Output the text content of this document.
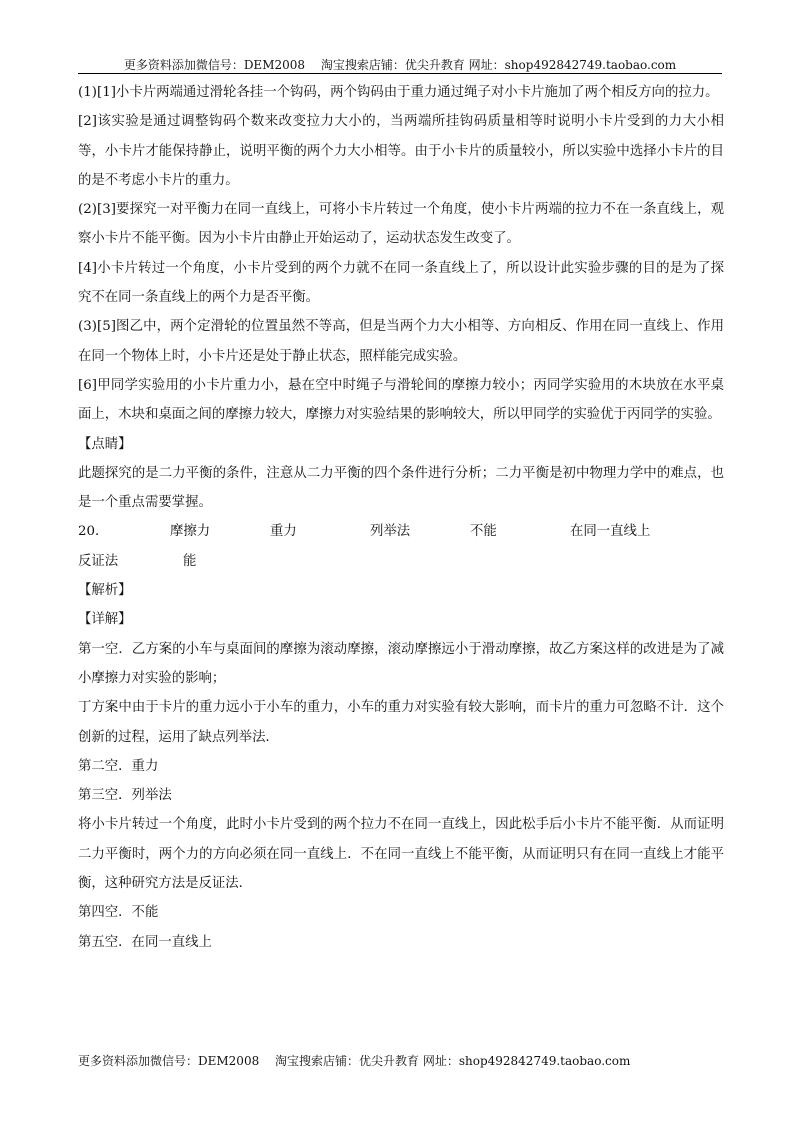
更多资料添加微信号：DEM2008　 淘宝搜索店铺：优尖升教育 网址：shop492842749.taobao.com

(1)[1]小卡片两端通过滑轮各挂一个钩码，两个钩码由于重力通过绳子对小卡片施加了两个相反方向的拉力。

[2]该实验是通过调整钩码个数来改变拉力大小的，当两端所挂钩码质量相等时说明小卡片受到的力大小相等，小卡片才能保持静止，说明平衡的两个力大小相等。由于小卡片的质量较小，所以实验中选择小卡片的目的是不考虑小卡片的重力。

(2)[3]要探究一对平衡力在同一直线上，可将小卡片转过一个角度，使小卡片两端的拉力不在一条直线上，观察小卡片不能平衡。因为小卡片由静止开始运动了，运动状态发生改变了。

[4]小卡片转过一个角度，小卡片受到的两个力就不在同一条直线上了，所以设计此实验步骤的目的是为了探究不在同一条直线上的两个力是否平衡。

(3)[5]图乙中，两个定滑轮的位置虽然不等高，但是当两个力大小相等、方向相反、作用在同一直线上、作用在同一个物体上时，小卡片还是处于静止状态，照样能完成实验。

[6]甲同学实验用的小卡片重力小，悬在空中时绳子与滑轮间的摩擦力较小；丙同学实验用的木块放在水平桌面上，木块和桌面之间的摩擦力较大，摩擦力对实验结果的影响较大，所以甲同学的实验优于丙同学的实验。

【点睛】

此题探究的是二力平衡的条件，注意从二力平衡的四个条件进行分析；二力平衡是初中物理力学中的难点，也是一个重点需要掌握。

20．	摩擦力	重力	列举法	不能	在同一直线上
反证法	能

【解析】

【详解】

第一空．乙方案的小车与桌面间的摩擦为滚动摩擦，滚动摩擦远小于滑动摩擦，故乙方案这样的改进是为了减小摩擦力对实验的影响；

丁方案中由于卡片的重力远小于小车的重力，小车的重力对实验有较大影响，而卡片的重力可忽略不计．这个创新的过程，运用了缺点列举法．

第二空．重力

第三空．列举法

将小卡片转过一个角度，此时小卡片受到的两个拉力不在同一直线上，因此松手后小卡片不能平衡．从而证明二力平衡时，两个力的方向必须在同一直线上．不在同一直线上不能平衡，从而证明只有在同一直线上才能平衡，这种研究方法是反证法．

第四空．不能

第五空．在同一直线上

更多资料添加微信号：DEM2008　 淘宝搜索店铺：优尖升教育 网址：shop492842749.taobao.com
